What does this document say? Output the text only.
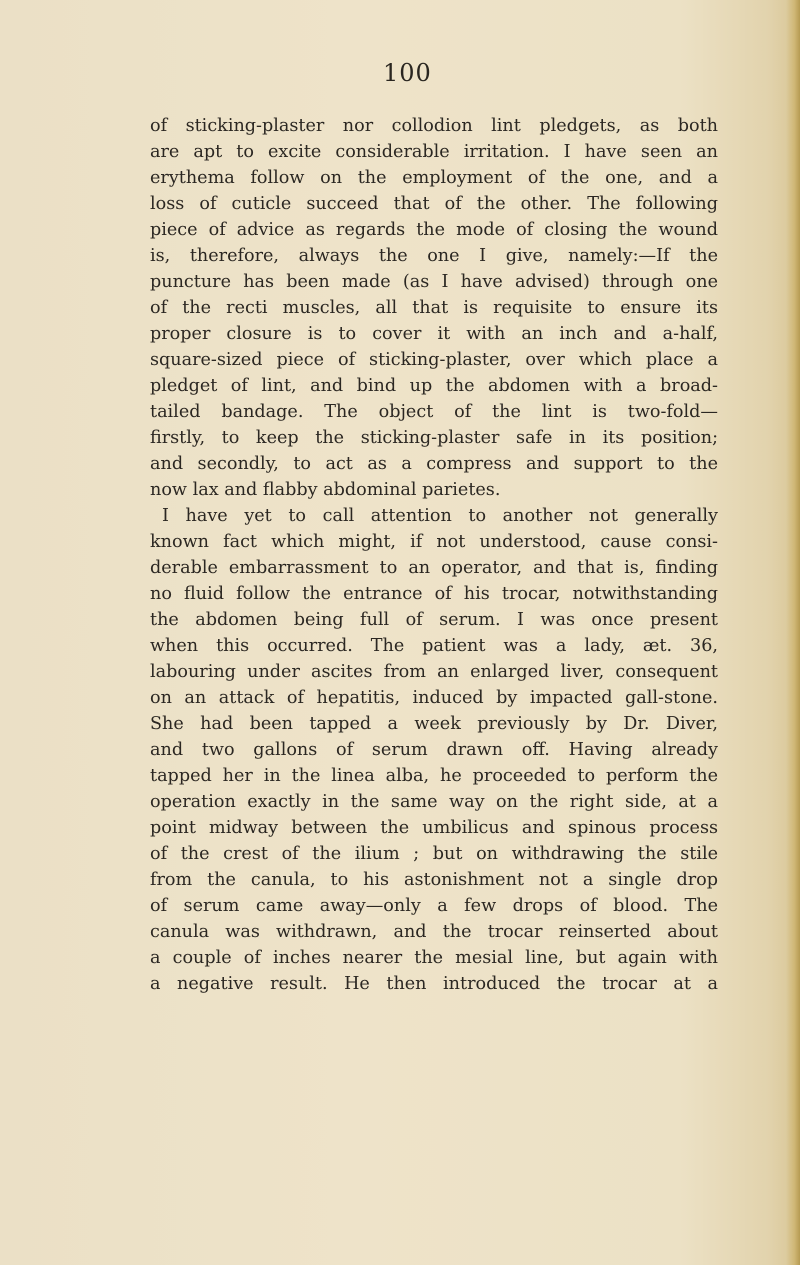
100
of sticking-plaster nor collodion lint pledgets, as both
are apt to excite considerable irritation. I have seen an
erythema follow on the employment of the one, and a
loss of cuticle succeed that of the other. The following
piece of advice as regards the mode of closing the wound
is, therefore, always the one I give, namely:—If the
puncture has been made (as I have advised) through one
of the recti muscles, all that is requisite to ensure its
proper closure is to cover it with an inch and a-half,
square-sized piece of sticking-plaster, over which place a
pledget of lint, and bind up the abdomen with a broad-
tailed bandage. The object of the lint is two-fold—
firstly, to keep the sticking-plaster safe in its position;
and secondly, to act as a compress and support to the
now lax and flabby abdominal parietes.
I have yet to call attention to another not generally
known fact which might, if not understood, cause consi-
derable embarrassment to an operator, and that is, finding
no fluid follow the entrance of his trocar, notwithstanding
the abdomen being full of serum. I was once present
when this occurred. The patient was a lady, æt. 36,
labouring under ascites from an enlarged liver, consequent
on an attack of hepatitis, induced by impacted gall-stone.
She had been tapped a week previously by Dr. Diver,
and two gallons of serum drawn off. Having already
tapped her in the linea alba, he proceeded to perform the
operation exactly in the same way on the right side, at a
point midway between the umbilicus and spinous process
of the crest of the ilium ; but on withdrawing the stile
from the canula, to his astonishment not a single drop
of serum came away—only a few drops of blood. The
canula was withdrawn, and the trocar reinserted about
a couple of inches nearer the mesial line, but again with
a negative result. He then introduced the trocar at a
